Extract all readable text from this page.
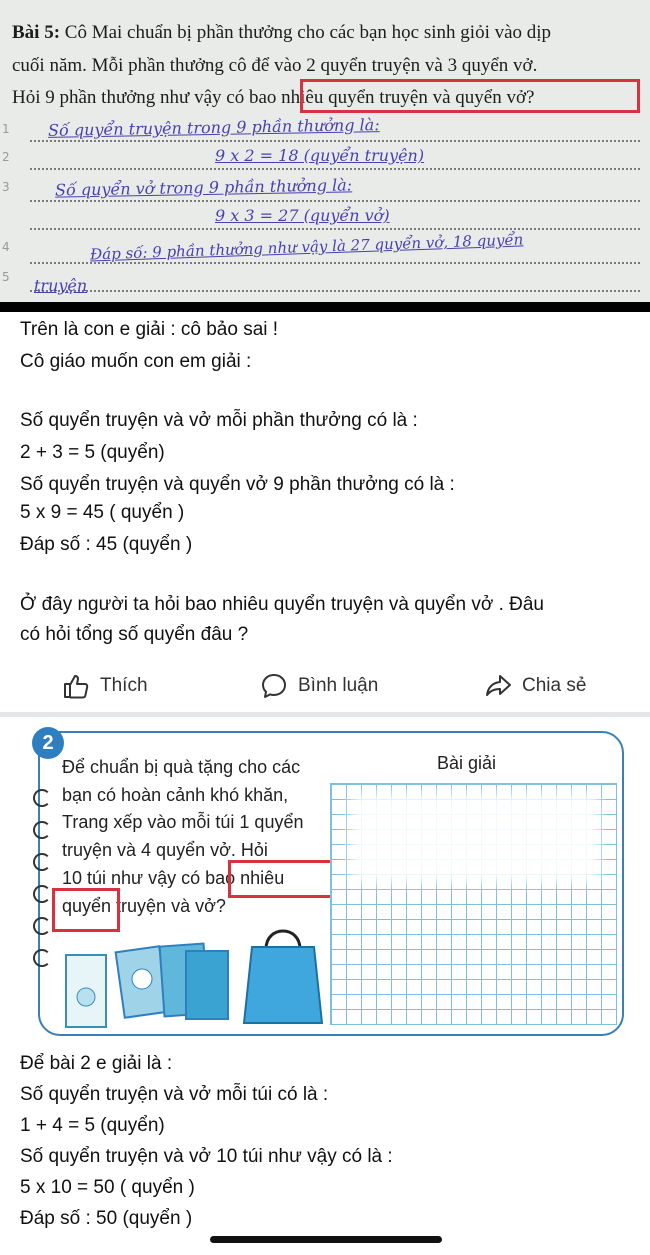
Bài 5: Cô Mai chuẩn bị phần thưởng cho các bạn học sinh giỏi vào dịp
cuối năm. Mỗi phần thưởng cô để vào 2 quyển truyện và 3 quyển vở.
Hỏi 9 phần thưởng như vậy có bao nhiêu quyển truyện và quyển vở?
1
2
3
4
5
Số quyển truyện trong 9 phần thưởng là:
9 x 2 = 18 (quyển truyện)
Số quyển vở trong 9 phần thưởng là:
9 x 3 = 27 (quyển vở)
Đáp số: 9 phần thưởng như vậy là 27 quyển vở, 18 quyển
truyện
Trên là con e giải : cô bảo sai !
Cô giáo muốn con em giải :
Số quyển truyện và vở mỗi phần thưởng có là :
2 + 3 = 5 (quyển)
Số quyển truyện và quyển vở 9 phần thưởng có là :
5 x 9 = 45 ( quyển )
Đáp số : 45 (quyển )
Ở đây người ta hỏi bao nhiêu quyển truyện và quyển vở . Đâu
có hỏi tổng số quyển đâu ?
Thích	Bình luận	Chia sẻ
2
Để chuẩn bị quà tặng cho các
bạn có hoàn cảnh khó khăn,
Trang xếp vào mỗi túi 1 quyển
truyện và 4 quyển vở. Hỏi
10 túi như vậy có bao nhiêu
quyển truyện và vở?
Bài giải
Để bài 2 e giải là :
Số quyển truyện và vở mỗi túi có là :
1 + 4 = 5 (quyển)
Số quyển truyện và vở 10 túi như vậy có là :
5 x 10 = 50 ( quyển )
Đáp số : 50 (quyển )
